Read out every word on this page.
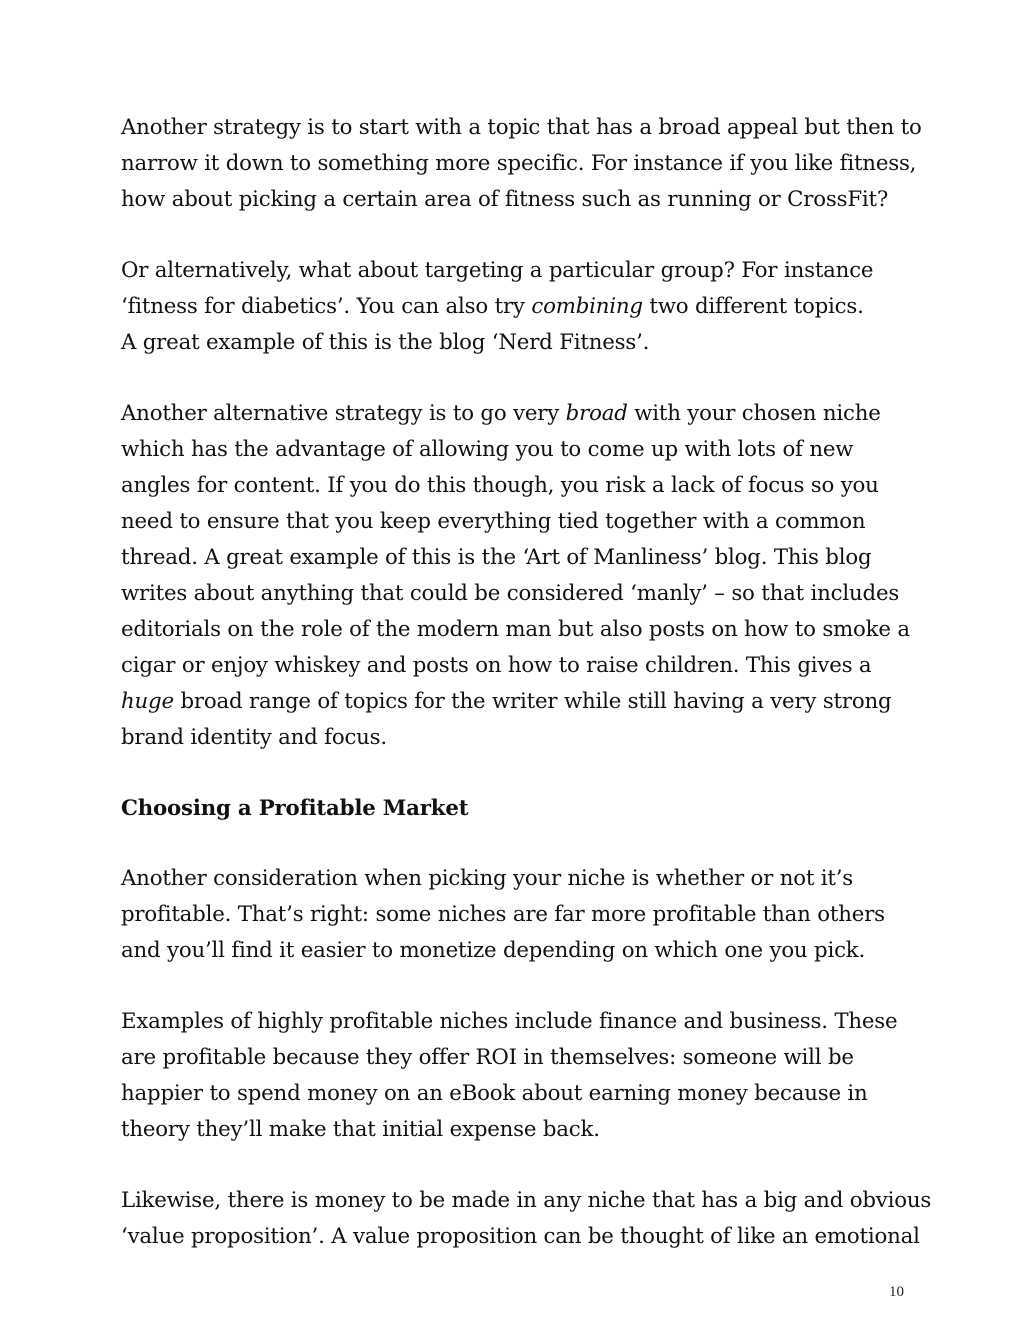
Another strategy is to start with a topic that has a broad appeal but then to
narrow it down to something more specific. For instance if you like fitness,
how about picking a certain area of fitness such as running or CrossFit?
Or alternatively, what about targeting a particular group? For instance
‘fitness for diabetics’. You can also try combining two different topics.
A great example of this is the blog ‘Nerd Fitness’.
Another alternative strategy is to go very broad with your chosen niche
which has the advantage of allowing you to come up with lots of new
angles for content. If you do this though, you risk a lack of focus so you
need to ensure that you keep everything tied together with a common
thread. A great example of this is the ‘Art of Manliness’ blog. This blog
writes about anything that could be considered ‘manly’ – so that includes
editorials on the role of the modern man but also posts on how to smoke a
cigar or enjoy whiskey and posts on how to raise children. This gives a
huge broad range of topics for the writer while still having a very strong
brand identity and focus.
Choosing a Profitable Market
Another consideration when picking your niche is whether or not it’s
profitable. That’s right: some niches are far more profitable than others
and you’ll find it easier to monetize depending on which one you pick.
Examples of highly profitable niches include finance and business. These
are profitable because they offer ROI in themselves: someone will be
happier to spend money on an eBook about earning money because in
theory they’ll make that initial expense back.
Likewise, there is money to be made in any niche that has a big and obvious
‘value proposition’. A value proposition can be thought of like an emotional
10
